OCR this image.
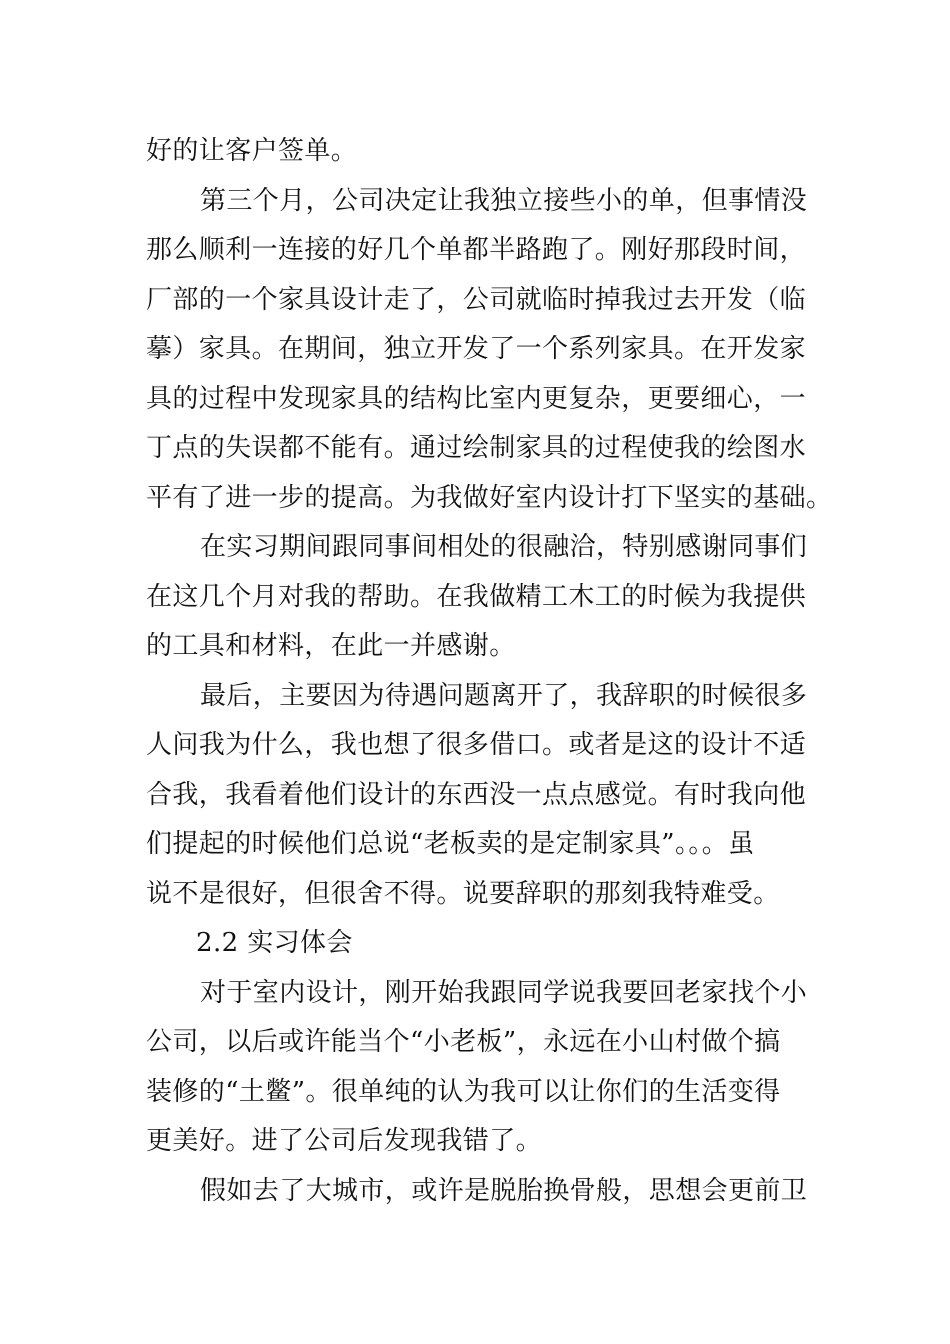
好的让客户签单。

第三个月，公司决定让我独立接些小的单，但事情没
那么顺利一连接的好几个单都半路跑了。刚好那段时间，
厂部的一个家具设计走了，公司就临时掉我过去开发（临
摹）家具。在期间，独立开发了一个系列家具。在开发家
具的过程中发现家具的结构比室内更复杂，更要细心，一
丁点的失误都不能有。通过绘制家具的过程使我的绘图水
平有了进一步的提高。为我做好室内设计打下坚实的基础。

在实习期间跟同事间相处的很融洽，特别感谢同事们
在这几个月对我的帮助。在我做精工木工的时候为我提供
的工具和材料，在此一并感谢。

最后，主要因为待遇问题离开了，我辞职的时候很多
人问我为什么，我也想了很多借口。或者是这的设计不适
合我，我看着他们设计的东西没一点点感觉。有时我向他
们提起的时候他们总说“老板卖的是定制家具”。。。虽
说不是很好，但很舍不得。说要辞职的那刻我特难受。

2.2 实习体会

对于室内设计，刚开始我跟同学说我要回老家找个小
公司，以后或许能当个“小老板”，永远在小山村做个搞
装修的“土鳖”。很单纯的认为我可以让你们的生活变得
更美好。进了公司后发现我错了。

假如去了大城市，或许是脱胎换骨般，思想会更前卫
